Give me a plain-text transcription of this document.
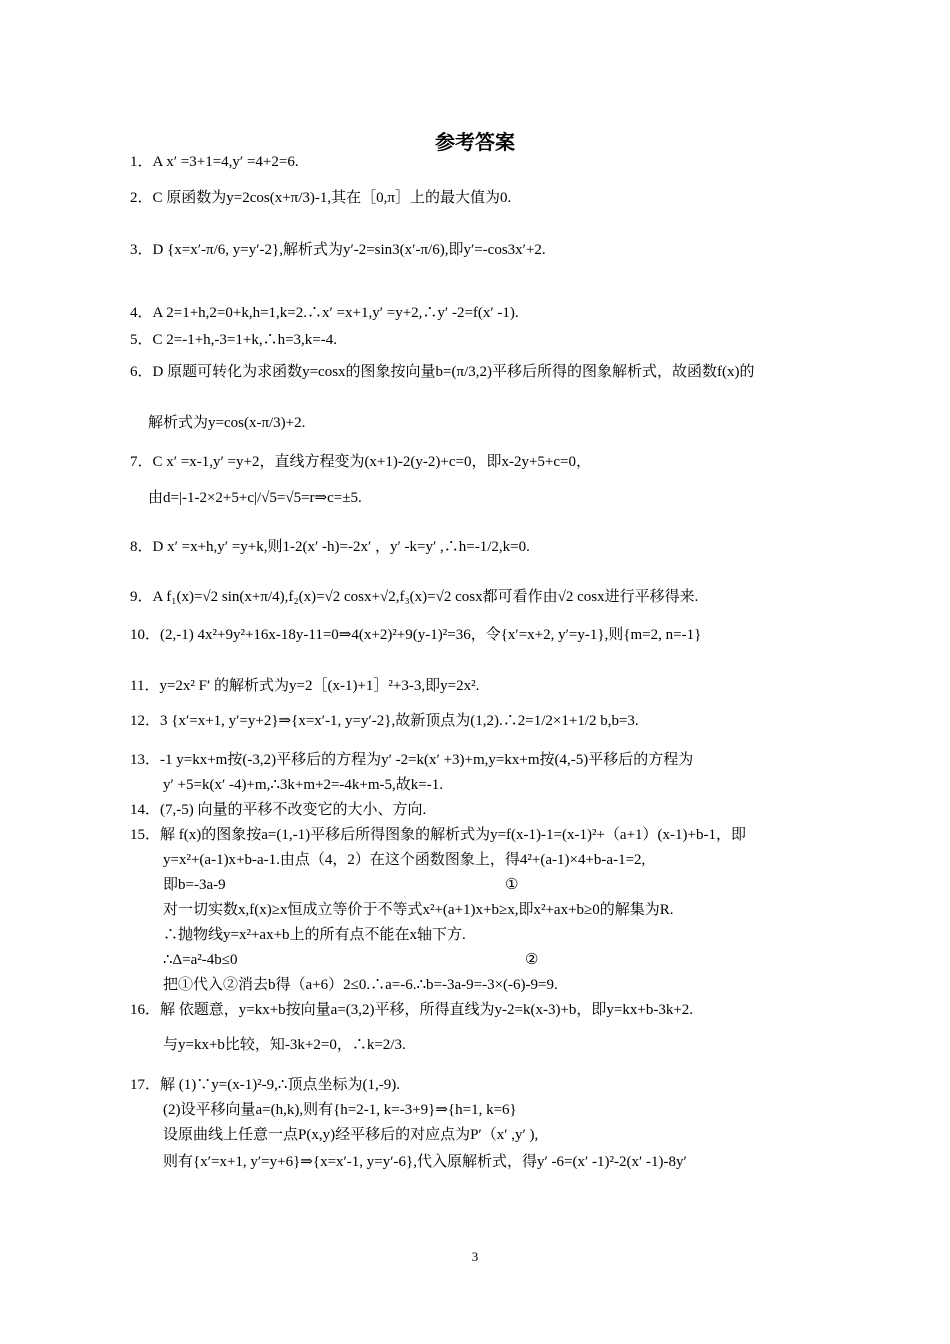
参考答案
1．A x′ =3+1=4,y′ =4+2=6.
2．C 原函数为y=2cos(x+π/3)-1,其在［0,π］上的最大值为0.
3．D {x=x′-π/6, y=y′-2},解析式为y′-2=sin3(x′-π/6),即y′=-cos3x′+2.
4．A 2=1+h,2=0+k,h=1,k=2.∴x′ =x+1,y′ =y+2,∴y′ -2=f(x′ -1).
5．C 2=-1+h,-3=1+k,∴h=3,k=-4.
6．D 原题可转化为求函数y=cosx的图象按向量b=(π/3,2)平移后所得的图象解析式，故函数f(x)的
解析式为y=cos(x-π/3)+2.
7．C x′ =x-1,y′ =y+2，直线方程变为(x+1)-2(y-2)+c=0，即x-2y+5+c=0，
由d=|-1-2×2+5+c|/√5=√5=r⇒c=±5.
8．D x′ =x+h,y′ =y+k,则1-2(x′ -h)=-2x′ ，y′ -k=y′ ,∴h=-1/2,k=0.
9．A f₁(x)=√2 sin(x+π/4),f₂(x)=√2 cosx+√2,f₃(x)=√2 cosx都可看作由√2 cosx进行平移得来.
10．(2,-1) 4x²+9y²+16x-18y-11=0⇒4(x+2)²+9(y-1)²=36，令{x′=x+2, y′=y-1},则{m=2, n=-1}
11．y=2x² F′ 的解析式为y=2［(x-1)+1］²+3-3,即y=2x².
12．3 {x′=x+1, y′=y+2}⇒{x=x′-1, y=y′-2},故新顶点为(1,2).∴2=1/2×1+1/2 b,b=3.
13．-1 y=kx+m按(-3,2)平移后的方程为y′ -2=k(x′ +3)+m,y=kx+m按(4,-5)平移后的方程为
y′ +5=k(x′ -4)+m,∴3k+m+2=-4k+m-5,故k=-1.
14．(7,-5) 向量的平移不改变它的大小、方向.
15．解 f(x)的图象按a=(1,-1)平移后所得图象的解析式为y=f(x-1)-1=(x-1)²+（a+1）(x-1)+b-1，即
y=x²+(a-1)x+b-a-1.由点（4，2）在这个函数图象上，得4²+(a-1)×4+b-a-1=2,
即b=-3a-9
对一切实数x,f(x)≥x恒成立等价于不等式x²+(a+1)x+b≥x,即x²+ax+b≥0的解集为R.
∴抛物线y=x²+ax+b上的所有点不能在x轴下方.
∴Δ=a²-4b≤0
把①代入②消去b得（a+6）2≤0.∴a=-6.∴b=-3a-9=-3×(-6)-9=9.
16．解 依题意，y=kx+b按向量a=(3,2)平移，所得直线为y-2=k(x-3)+b，即y=kx+b-3k+2.
与y=kx+b比较，知-3k+2=0，∴k=2/3.
17．解 (1)∵y=(x-1)²-9,∴顶点坐标为(1,-9).
(2)设平移向量a=(h,k),则有{h=2-1, k=-3+9}⇒{h=1, k=6}
设原曲线上任意一点P(x,y)经平移后的对应点为P′（x′ ,y′ ),
则有{x′=x+1, y′=y+6}⇒{x=x′-1, y=y′-6},代入原解析式，得y′ -6=(x′ -1)²-2(x′ -1)-8y′
①
②
3
